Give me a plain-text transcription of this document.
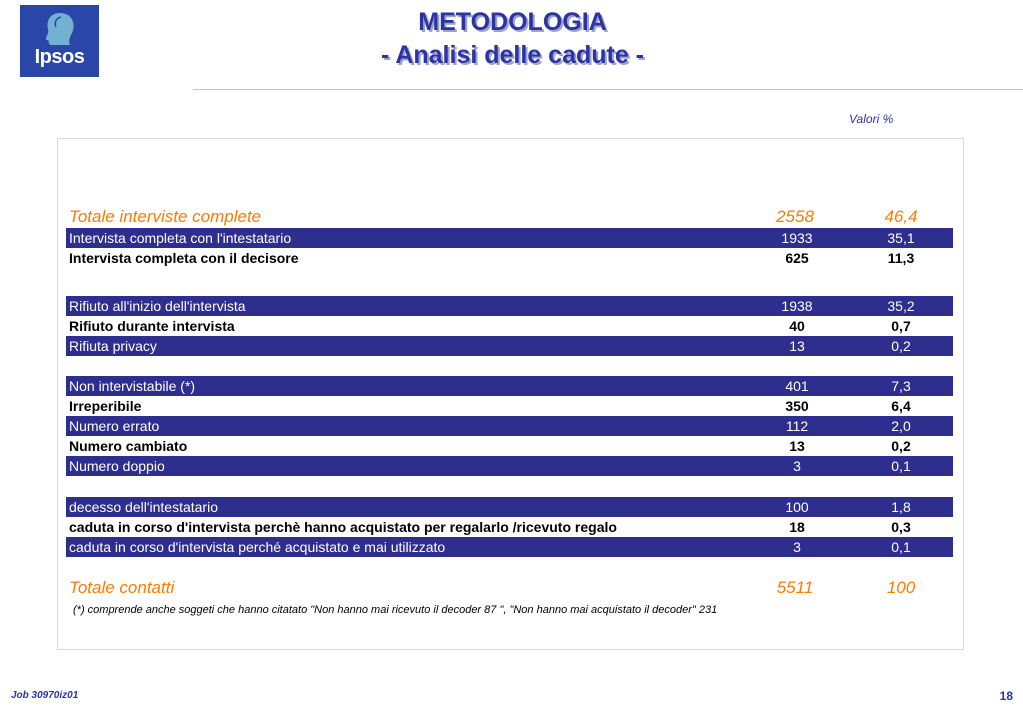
Ipsos
METODOLOGIA
- Analisi delle cadute -
Valori %
Totale interviste complete	2558	46,4
Intervista completa con l'intestatario	1933	35,1
Intervista completa con il decisore	625	11,3
Rifiuto all'inizio dell'intervista	1938	35,2
Rifiuto durante intervista	40	0,7
Rifiuta privacy	13	0,2
Non intervistabile (*)	401	7,3
Irreperibile	350	6,4
Numero errato	112	2,0
Numero cambiato	13	0,2
Numero doppio	3	0,1
decesso dell'intestatario	100	1,8
caduta in corso d'intervista perchè hanno acquistato per regalarlo /ricevuto regalo	18	0,3
caduta in corso d'intervista perché acquistato e mai utilizzato	3	0,1
Totale contatti	5511	100
(*) comprende anche soggeti che hanno citatato "Non hanno mai ricevuto il decoder 87 ", "Non hanno mai acquistato il decoder" 231
Job 30970iz01	18
